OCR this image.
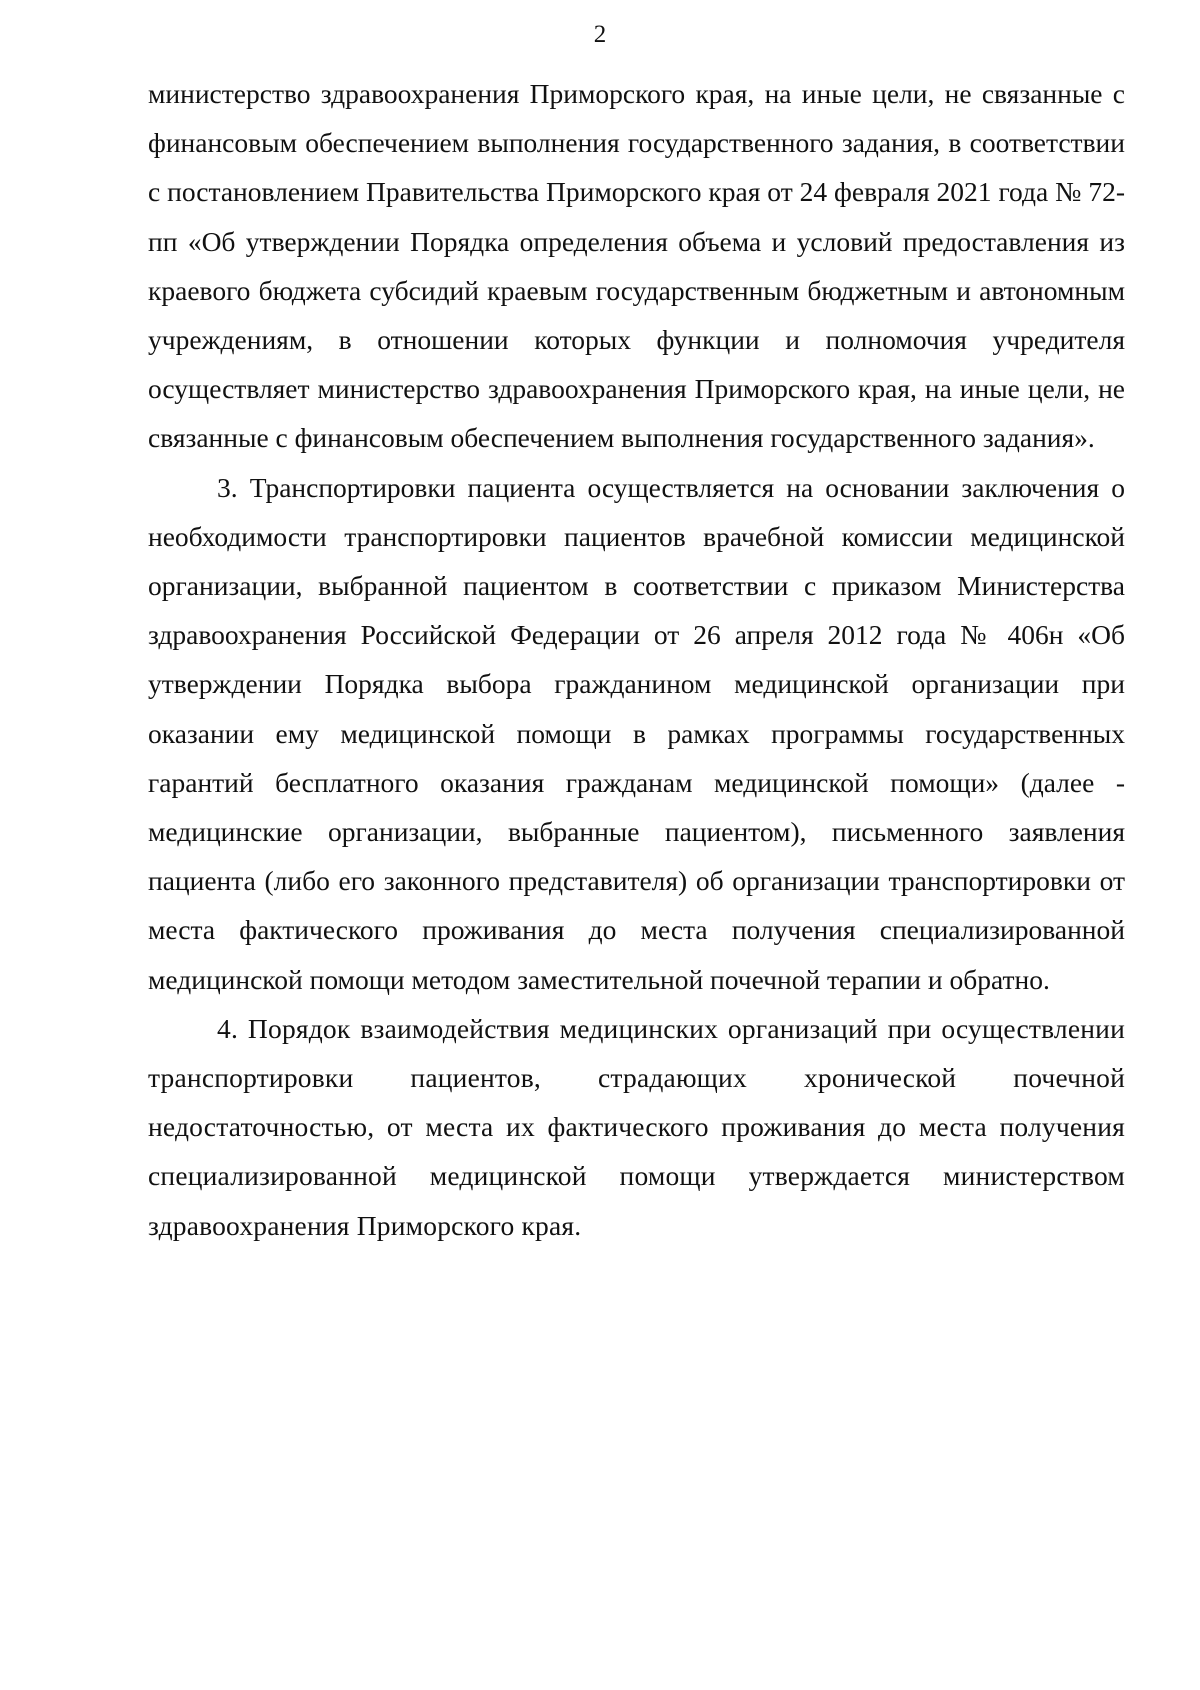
2

министерство здравоохранения Приморского края, на иные цели, не связанные с финансовым обеспечением выполнения государственного задания, в соответствии с постановлением Правительства Приморского края от 24 февраля 2021 года № 72-пп «Об утверждении Порядка определения объема и условий предоставления из краевого бюджета субсидий краевым государственным бюджетным и автономным учреждениям, в отношении которых функции и полномочия учредителя осуществляет министерство здравоохранения Приморского края, на иные цели, не связанные с финансовым обеспечением выполнения государственного задания».

3. Транспортировки пациента осуществляется на основании заключения о необходимости транспортировки пациентов врачебной комиссии медицинской организации, выбранной пациентом в соответствии с приказом Министерства здравоохранения Российской Федерации от 26 апреля 2012 года № 406н «Об утверждении Порядка выбора гражданином медицинской организации при оказании ему медицинской помощи в рамках программы государственных гарантий бесплатного оказания гражданам медицинской помощи» (далее - медицинские организации, выбранные пациентом), письменного заявления пациента (либо его законного представителя) об организации транспортировки от места фактического проживания до места получения специализированной медицинской помощи методом заместительной почечной терапии и обратно.

4. Порядок взаимодействия медицинских организаций при осуществлении транспортировки пациентов, страдающих хронической почечной недостаточностью, от места их фактического проживания до места получения специализированной медицинской помощи утверждается министерством здравоохранения Приморского края.
